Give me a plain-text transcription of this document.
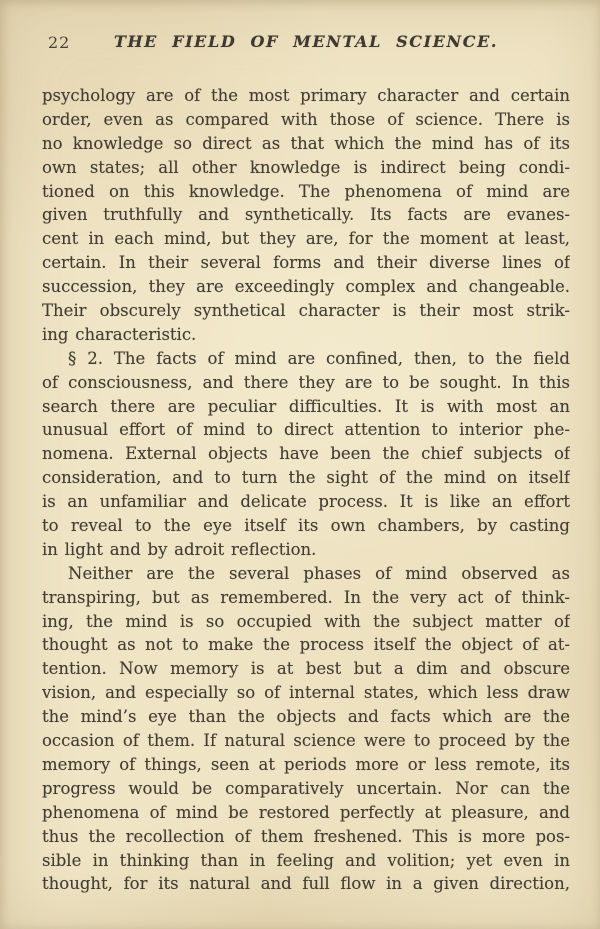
22	THE FIELD OF MENTAL SCIENCE.
psychology are of the most primary character and certain
order, even as compared with those of science. There is
no knowledge so direct as that which the mind has of its
own states; all other knowledge is indirect being condi-
tioned on this knowledge. The phenomena of mind are
given truthfully and synthetically. Its facts are evanes-
cent in each mind, but they are, for the moment at least,
certain. In their several forms and their diverse lines of
succession, they are exceedingly complex and changeable.
Their obscurely synthetical character is their most strik-
ing characteristic.
§ 2. The facts of mind are confined, then, to the field
of consciousness, and there they are to be sought. In this
search there are peculiar difficulties. It is with most an
unusual effort of mind to direct attention to interior phe-
nomena. External objects have been the chief subjects of
consideration, and to turn the sight of the mind on itself
is an unfamiliar and delicate process. It is like an effort
to reveal to the eye itself its own chambers, by casting
in light and by adroit reflection.
Neither are the several phases of mind observed as
transpiring, but as remembered. In the very act of think-
ing, the mind is so occupied with the subject matter of
thought as not to make the process itself the object of at-
tention. Now memory is at best but a dim and obscure
vision, and especially so of internal states, which less draw
the mind’s eye than the objects and facts which are the
occasion of them. If natural science were to proceed by the
memory of things, seen at periods more or less remote, its
progress would be comparatively uncertain. Nor can the
phenomena of mind be restored perfectly at pleasure, and
thus the recollection of them freshened. This is more pos-
sible in thinking than in feeling and volition; yet even in
thought, for its natural and full flow in a given direction,
